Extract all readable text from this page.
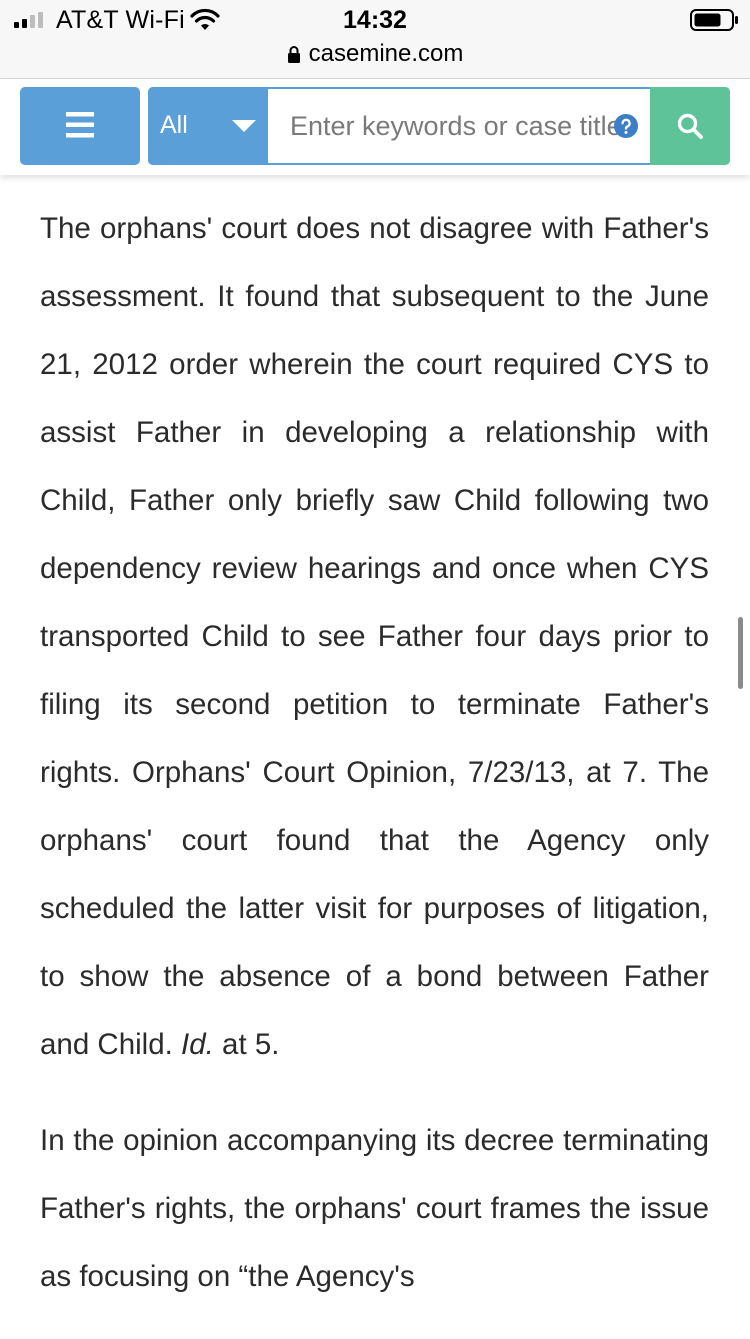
AT&T Wi-Fi	14:32
casemine.com
All
Enter keywords or case title

The orphans' court does not disagree with Father's assessment. It found that subsequent to the June 21, 2012 order wherein the court required CYS to assist Father in developing a relationship with Child, Father only briefly saw Child following two dependency review hearings and once when CYS transported Child to see Father four days prior to filing its second petition to terminate Father's rights. Orphans' Court Opinion, 7/23/13, at 7. The orphans' court found that the Agency only scheduled the latter visit for purposes of litigation, to show the absence of a bond between Father and Child. Id. at 5.

In the opinion accompanying its decree terminating Father's rights, the orphans' court frames the issue as focusing on “the Agency's
